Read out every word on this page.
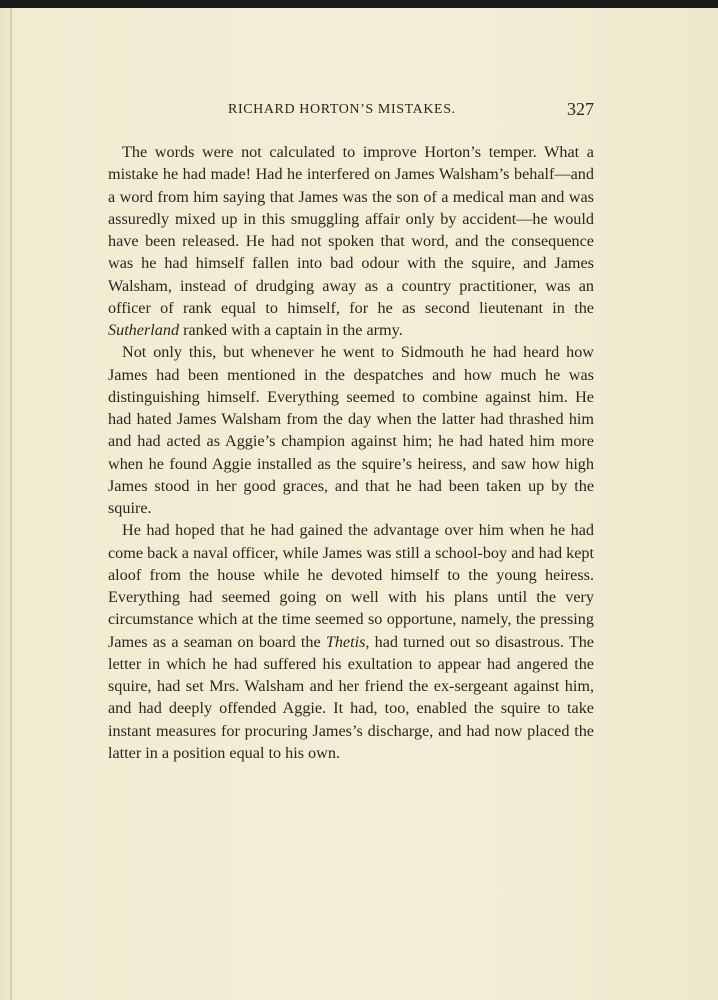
RICHARD HORTON’S MISTAKES.	327

The words were not calculated to improve Horton’s temper. What a mistake he had made! Had he interfered on James Walsham’s behalf—and a word from him saying that James was the son of a medical man and was assuredly mixed up in this smuggling affair only by accident—he would have been released. He had not spoken that word, and the consequence was he had himself fallen into bad odour with the squire, and James Walsham, instead of drudging away as a country practitioner, was an officer of rank equal to himself, for he as second lieutenant in the Sutherland ranked with a captain in the army.

Not only this, but whenever he went to Sidmouth he had heard how James had been mentioned in the despatches and how much he was distinguishing himself. Everything seemed to combine against him. He had hated James Walsham from the day when the latter had thrashed him and had acted as Aggie’s champion against him; he had hated him more when he found Aggie installed as the squire’s heiress, and saw how high James stood in her good graces, and that he had been taken up by the squire.

He had hoped that he had gained the advantage over him when he had come back a naval officer, while James was still a school-boy and had kept aloof from the house while he devoted himself to the young heiress. Everything had seemed going on well with his plans until the very circumstance which at the time seemed so opportune, namely, the pressing James as a seaman on board the Thetis, had turned out so disastrous. The letter in which he had suffered his exultation to appear had angered the squire, had set Mrs. Walsham and her friend the ex-sergeant against him, and had deeply offended Aggie. It had, too, enabled the squire to take instant measures for procuring James’s discharge, and had now placed the latter in a position equal to his own.
